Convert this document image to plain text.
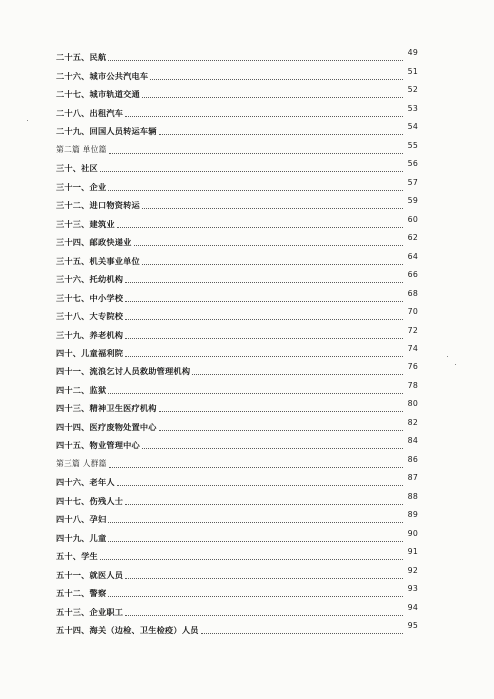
二十五、民航	49
二十六、城市公共汽电车	51
二十七、城市轨道交通	52
二十八、出租汽车	53
二十九、回国人员转运车辆	54
第二篇 单位篇	55
三十、社区	56
三十一、企业	57
三十二、进口物资转运	59
三十三、建筑业	60
三十四、邮政快递业	62
三十五、机关事业单位	64
三十六、托幼机构	66
三十七、中小学校	68
三十八、大专院校	70
三十九、养老机构	72
四十、儿童福利院	74
四十一、流浪乞讨人员救助管理机构	76
四十二、监狱	78
四十三、精神卫生医疗机构	80
四十四、医疗废物处置中心	82
四十五、物业管理中心	84
第三篇 人群篇	86
四十六、老年人	87
四十七、伤残人士	88
四十八、孕妇	89
四十九、儿童	90
五十、学生	91
五十一、就医人员	92
五十二、警察	93
五十三、企业职工	94
五十四、海关（边检、卫生检疫）人员	95
